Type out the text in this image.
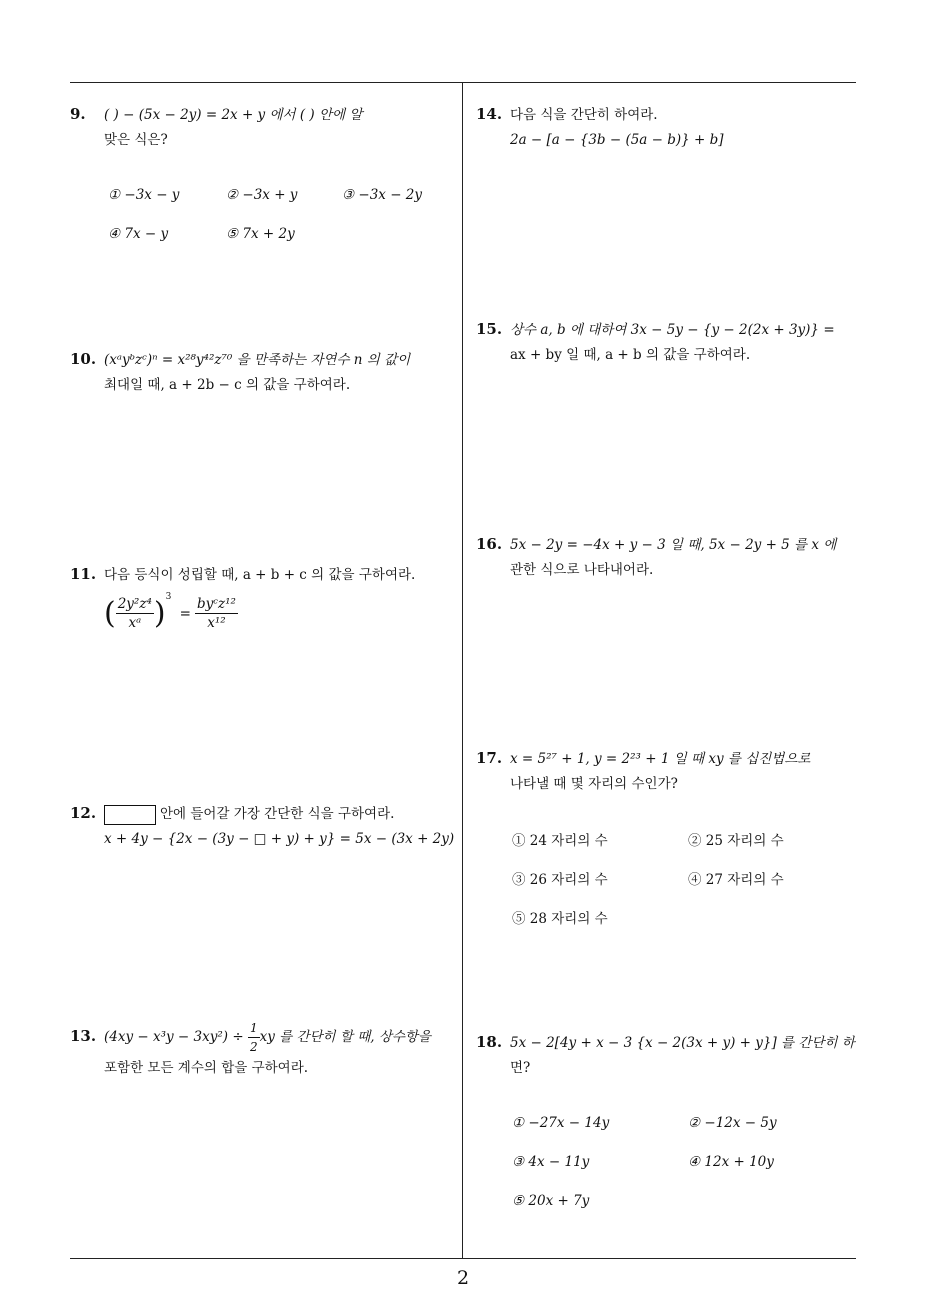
9. ( ) − (5x − 2y) = 2x + y 에서 ( ) 안에 알
맞은 식은?
① −3x − y	② −3x + y	③ −3x − 2y
④ 7x − y	⑤ 7x + 2y
10. (xᵃyᵇzᶜ)ⁿ = x²⁸y⁴²z⁷⁰ 을 만족하는 자연수 n 의 값이
최대일 때, a + 2b − c 의 값을 구하여라.
11. 다음 등식이 성립할 때, a + b + c 의 값을 구하여라.
( $\frac{\text{2y²z⁴}}{\text{xᵃ}} )^3 = \frac{\text{byᶜz¹²}}{\text{x¹²}}$
12.	안에 들어갈 가장 간단한 식을 구하여라.
x + 4y − {2x − (3y − □ + y) + y} = 5x − (3x + 2y)
13. $(4xy - x^3y - 3xy^2) \div \frac{1}{2}$ xy 를 간단히 할 때, 상수항을
포함한 모든 계수의 합을 구하여라.
14. 다음 식을 간단히 하여라.
2a − [a − {3b − (5a − b)} + b]
15. 상수 a, b 에 대하여 3x − 5y − {y − 2(2x + 3y)} =
ax + by 일 때, a + b 의 값을 구하여라.
16. 5x − 2y = −4x + y − 3 일 때, 5x − 2y + 5 를 x 에
관한 식으로 나타내어라.
17. x = 5²⁷ + 1, y = 2²³ + 1 일 때 xy 를 십진법으로
나타낼 때 몇 자리의 수인가?
① 24 자리의 수	② 25 자리의 수
③ 26 자리의 수	④ 27 자리의 수
⑤ 28 자리의 수
18. 5x − 2[4y + x − 3 {x − 2(3x + y) + y}] 를 간단히 하
면?
① −27x − 14y	② −12x − 5y
③ 4x − 11y	④ 12x + 10y
⑤ 20x + 7y
2
